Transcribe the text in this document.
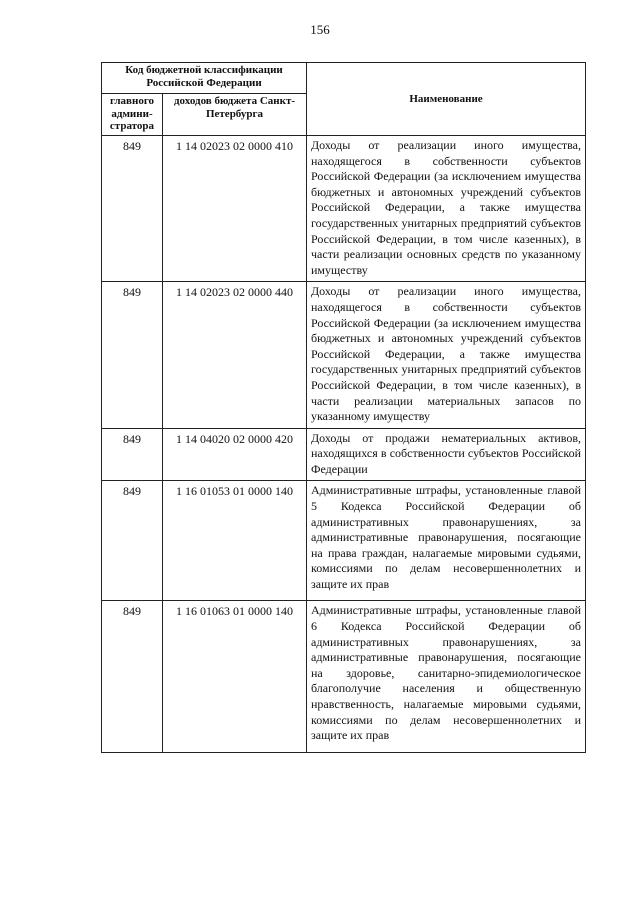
156
Код бюджетной классификации Российской Федерации		Наименование
главного админи-стратора	доходов бюджета Санкт-Петербурга	
849	1 14 02023 02 0000 410	Доходы от реализации иного имущества, находящегося в собственности субъектов Российской Федерации (за исключением имущества бюджетных и автономных учреждений субъектов Российской Федерации, а также имущества государственных унитарных предприятий субъектов Российской Федерации, в том числе казенных), в части реализации основных средств по указанному имуществу
849	1 14 02023 02 0000 440	Доходы от реализации иного имущества, находящегося в собственности субъектов Российской Федерации (за исключением имущества бюджетных и автономных учреждений субъектов Российской Федерации, а также имущества государственных унитарных предприятий субъектов Российской Федерации, в том числе казенных), в части реализации материальных запасов по указанному имуществу
849	1 14 04020 02 0000 420	Доходы от продажи нематериальных активов, находящихся в собственности субъектов Российской Федерации
849	1 16 01053 01 0000 140	Административные штрафы, установленные главой 5 Кодекса Российской Федерации об административных правонарушениях, за административные правонарушения, посягающие на права граждан, налагаемые мировыми судьями, комиссиями по делам несовершеннолетних и защите их прав
849	1 16 01063 01 0000 140	Административные штрафы, установленные главой 6 Кодекса Российской Федерации об административных правонарушениях, за административные правонарушения, посягающие на здоровье, санитарно-эпидемиологическое благополучие населения и общественную нравственность, налагаемые мировыми судьями, комиссиями по делам несовершеннолетних и защите их прав
